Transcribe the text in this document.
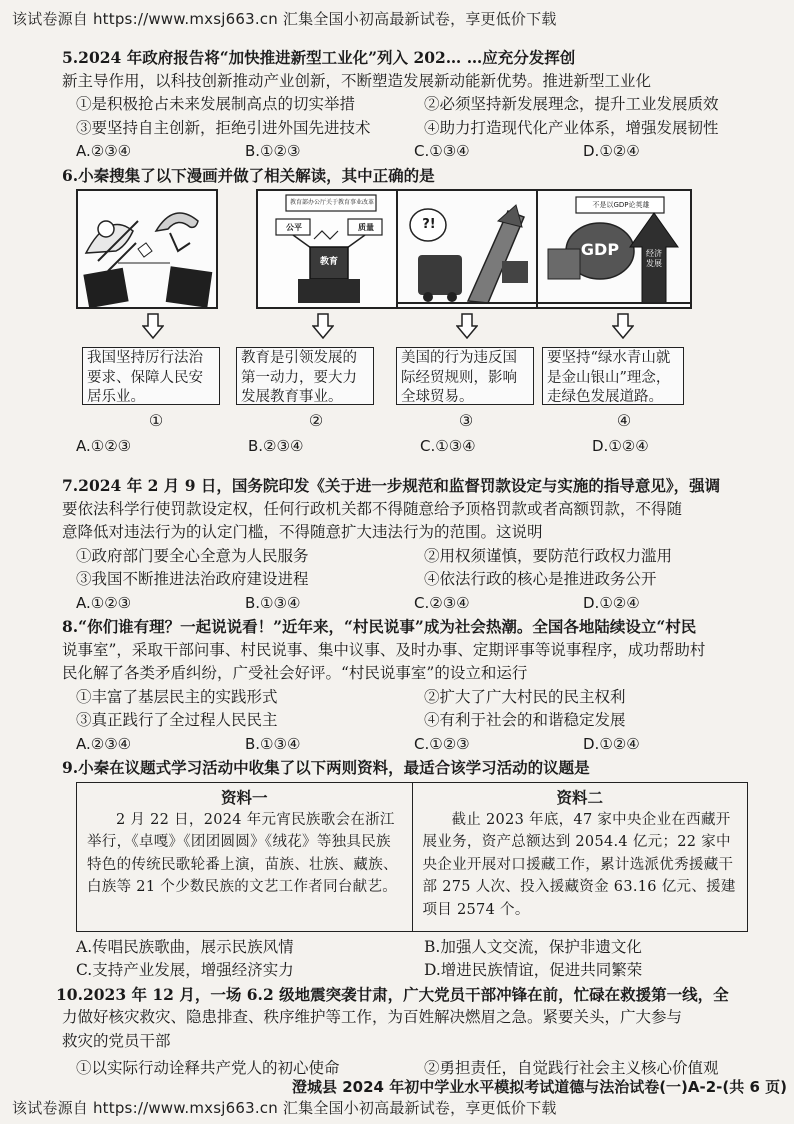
该试卷源自 https://www.mxsj663.cn 汇集全国小初高最新试卷，享更低价下载
5.2024 年政府报告将“加快推进新型工业化”列入 202… …应充分发挥创
新主导作用，以科技创新推动产业创新，不断塑造发展新动能新优势。推进新型工业化
①是积极抢占未来发展制高点的切实举措	②必须坚持新发展理念，提升工业发展质效
③要坚持自主创新，拒绝引进外国先进技术	④助力打造现代化产业体系，增强发展韧性
A.②③④	B.①②③	C.①③④	D.①②④
6.小秦搜集了以下漫画并做了相关解读，其中正确的是
教育部办公厅关于教育事业改革
公平	质量
教育
?!
不是以GDP论英雄
GDP	经济发展
我国坚持厉行法治要求、保障人民安居乐业。
教育是引领发展的第一动力，要大力发展教育事业。
美国的行为违反国际经贸规则，影响全球贸易。
要坚持“绿水青山就是金山银山”理念，走绿色发展道路。
①	②	③	④
A.①②③	B.②③④	C.①③④	D.①②④
7.2024 年 2 月 9 日，国务院印发《关于进一步规范和监督罚款设定与实施的指导意见》，强调
要依法科学行使罚款设定权，任何行政机关都不得随意给予顶格罚款或者高额罚款，不得随
意降低对违法行为的认定门槛，不得随意扩大违法行为的范围。这说明
①政府部门要全心全意为人民服务	②用权须谨慎，要防范行政权力滥用
③我国不断推进法治政府建设进程	④依法行政的核心是推进政务公开
A.①②③	B.①③④	C.②③④	D.①②④
8.“你们谁有理？一起说说看！”近年来，“村民说事”成为社会热潮。全国各地陆续设立“村民
说事室”，采取干部问事、村民说事、集中议事、及时办事、定期评事等说事程序，成功帮助村
民化解了各类矛盾纠纷，广受社会好评。“村民说事室”的设立和运行
①丰富了基层民主的实践形式	②扩大了广大村民的民主权利
③真正践行了全过程人民民主	④有利于社会的和谐稳定发展
A.②③④	B.①③④	C.①②③	D.①②④
9.小秦在议题式学习活动中收集了以下两则资料，最适合该学习活动的议题是
资料一
2 月 22 日，2024 年元宵民族歌会在浙江举行，《卓嘎》《团团圆圆》《绒花》等独具民族特色的传统民歌轮番上演，苗族、壮族、藏族、白族等 21 个少数民族的文艺工作者同台献艺。
资料二
截止 2023 年底，47 家中央企业在西藏开展业务，资产总额达到 2054.4 亿元；22 家中央企业开展对口援藏工作，累计选派优秀援藏干部 275 人次、投入援藏资金 63.16 亿元、援建项目 2574 个。
A.传唱民族歌曲，展示民族风情	B.加强人文交流，保护非遗文化
C.支持产业发展，增强经济实力	D.增进民族情谊，促进共同繁荣
10.2023 年 12 月，一场 6.2 级地震突袭甘肃，广大党员干部冲锋在前，忙碌在救援第一线，全
力做好核灾救灾、隐患排查、秩序维护等工作，为百姓解决燃眉之急。紧要关头，广大参与
救灾的党员干部
①以实际行动诠释共产党人的初心使命	②勇担责任，自觉践行社会主义核心价值观
澄城县 2024 年初中学业水平模拟考试道德与法治试卷(一)A-2-(共 6 页)
该试卷源自 https://www.mxsj663.cn 汇集全国小初高最新试卷，享更低价下载
